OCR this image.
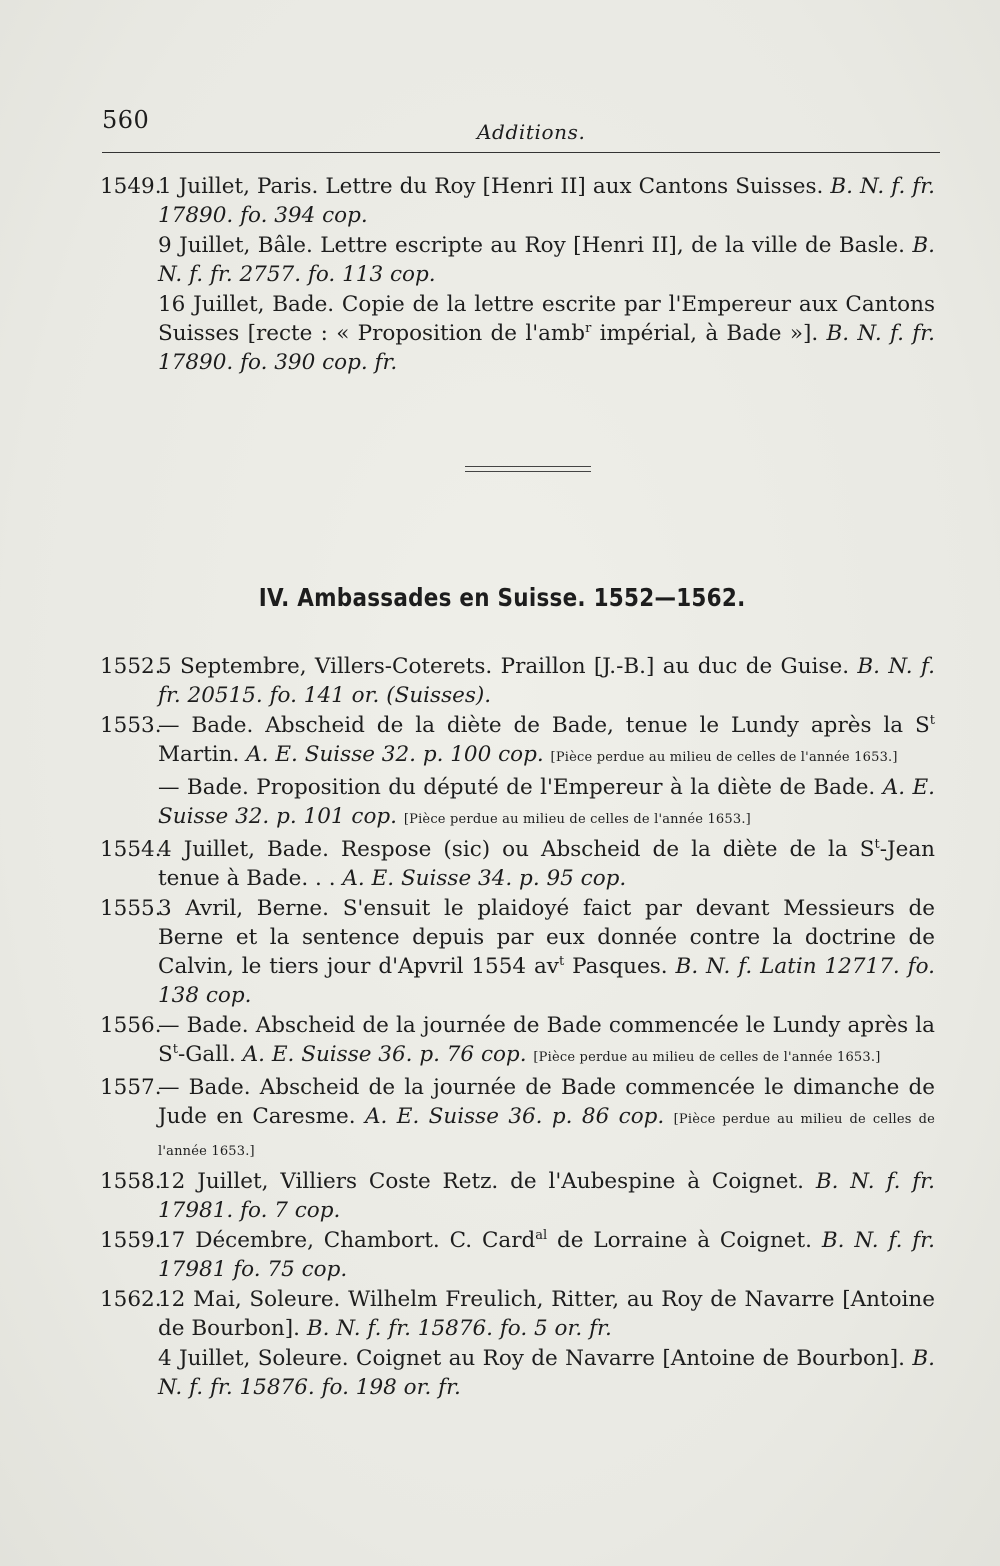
560	Additions.

1549.
1 Juillet, Paris. Lettre du Roy [Henri II] aux Cantons Suisses. B. N. f. fr. 17890. fo. 394 cop.

9 Juillet, Bâle. Lettre escripte au Roy [Henri II], de la ville de Basle. B. N. f. fr. 2757. fo. 113 cop.

16 Juillet, Bade. Copie de la lettre escrite par l'Empereur aux Cantons Suisses [recte : « Proposition de l'amb$^r$ impérial, à Bade »]. B. N. f. fr. 17890. fo. 390 cop. fr.

IV. Ambassades en Suisse. 1552—1562.

1552.
5 Septembre, Villers-Coterets. Praillon [J.-B.] au duc de Guise. B. N. f. fr. 20515. fo. 141 or. (Suisses).

1553.
— Bade. Abscheid de la diète de Bade, tenue le Lundy après la $S^t$ Martin. A. E. Suisse 32. p. 100 cop. [Pièce perdue au milieu de celles de l'année 1653.]

— Bade. Proposition du député de l'Empereur à la diète de Bade. A. E. Suisse 32. p. 101 cop. [Pièce perdue au milieu de celles de l'année 1653.]

1554.
4 Juillet, Bade. Respose (sic) ou Abscheid de la diète de la $S^t$-Jean tenue à Bade. . . A. E. Suisse 34. p. 95 cop.

1555.
3 Avril, Berne. S'ensuit le plaidoyé faict par devant Messieurs de Berne et la sentence depuis par eux donnée contre la doctrine de Calvin, le tiers jour d'Apvril 1554 $av^t$ Pasques. B. N. f. Latin 12717. fo. 138 cop.

1556.
— Bade. Abscheid de la journée de Bade commencée le Lundy après la $S^t$-Gall. A. E. Suisse 36. p. 76 cop. [Pièce perdue au milieu de celles de l'année 1653.]

1557.
— Bade. Abscheid de la journée de Bade commencée le dimanche de Jude en Caresme. A. E. Suisse 36. p. 86 cop. [Pièce perdue au milieu de celles de l'année 1653.]

1558.
12 Juillet, Villiers Coste Retz. de l'Aubespine à Coignet. B. N. f. fr. 17981. fo. 7 cop.

1559.
17 Décembre, Chambort. C. Card$^{al}$ de Lorraine à Coignet. B. N. f. fr. 17981 fo. 75 cop.

1562.
12 Mai, Soleure. Wilhelm Freulich, Ritter, au Roy de Navarre [Antoine de Bourbon]. B. N. f. fr. 15876. fo. 5 or. fr.

4 Juillet, Soleure. Coignet au Roy de Navarre [Antoine de Bourbon]. B. N. f. fr. 15876. fo. 198 or. fr.
